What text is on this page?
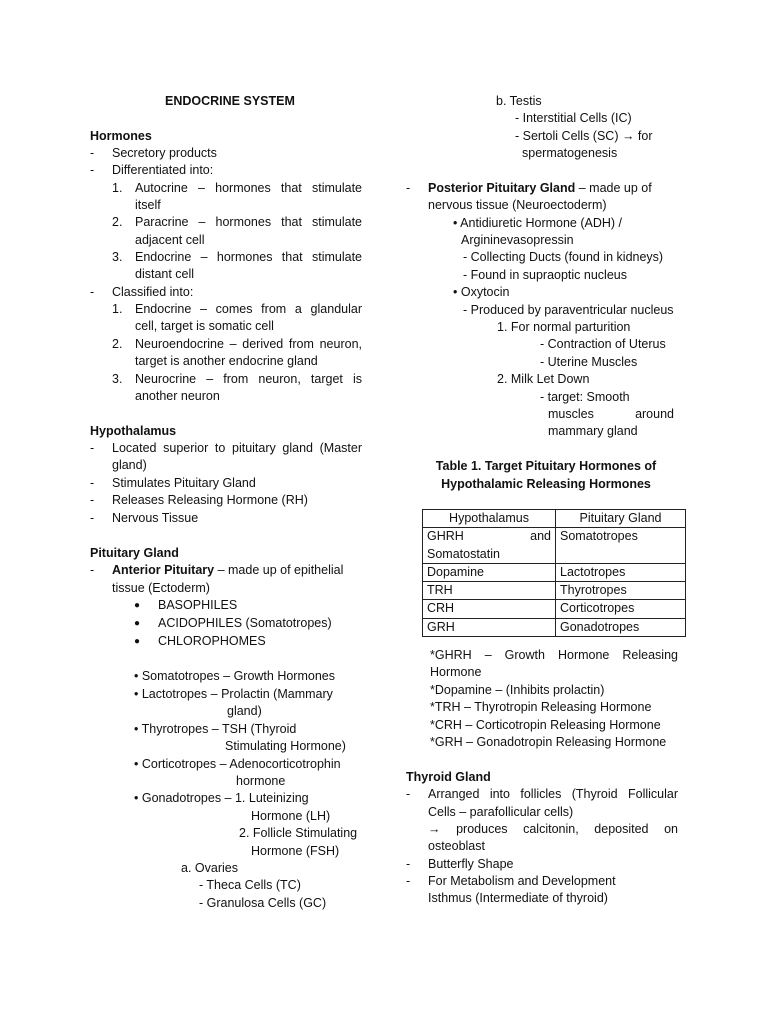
ENDOCRINE SYSTEM
Hormones
- Secretory products
- Differentiated into:
1. Autocrine – hormones that stimulate
itself
2. Paracrine – hormones that stimulate
adjacent cell
3. Endocrine – hormones that stimulate
distant cell
- Classified into:
1. Endocrine – comes from a glandular
cell, target is somatic cell
2. Neuroendocrine – derived from neuron,
target is another endocrine gland
3. Neurocrine – from neuron, target is
another neuron
Hypothalamus
- Located superior to pituitary gland (Master
gland)
- Stimulates Pituitary Gland
- Releases Releasing Hormone (RH)
- Nervous Tissue
Pituitary Gland
- Anterior Pituitary – made up of epithelial
tissue (Ectoderm)
● BASOPHILES
● ACIDOPHILES (Somatotropes)
● CHLOROPHOMES
• Somatotropes – Growth Hormones
• Lactotropes – Prolactin (Mammary
gland)
• Thyrotropes – TSH (Thyroid
Stimulating Hormone)
• Corticotropes – Adenocorticotrophin
hormone
• Gonadotropes – 1. Luteinizing
Hormone (LH)
2. Follicle Stimulating
Hormone (FSH)
a. Ovaries
- Theca Cells (TC)
- Granulosa Cells (GC)
b. Testis
- Interstitial Cells (IC)
- Sertoli Cells (SC) → for
spermatogenesis
- Posterior Pituitary Gland – made up of
nervous tissue (Neuroectoderm)
• Antidiuretic Hormone (ADH) /
Argininevasopressin
- Collecting Ducts (found in kidneys)
- Found in supraoptic nucleus
• Oxytocin
- Produced by paraventricular nucleus
1. For normal parturition
- Contraction of Uterus
- Uterine Muscles
2. Milk Let Down
- target: Smooth
muscles around
mammary gland
Table 1. Target Pituitary Hormones of
Hypothalamic Releasing Hormones
Hypothalamus	Pituitary Gland

GHRH and
Somatostatin	Somatotropes
Dopamine	Lactotropes
TRH	Thyrotropes
CRH	Corticotropes
GRH	Gonadotropes
*GHRH – Growth Hormone Releasing
Hormone
*Dopamine – (Inhibits prolactin)
*TRH – Thyrotropin Releasing Hormone
*CRH – Corticotropin Releasing Hormone
*GRH – Gonadotropin Releasing Hormone
Thyroid Gland
- Arranged into follicles (Thyroid Follicular
Cells – parafollicular cells)
→ produces calcitonin, deposited on
osteoblast
- Butterfly Shape
- For Metabolism and Development
Isthmus (Intermediate of thyroid)
